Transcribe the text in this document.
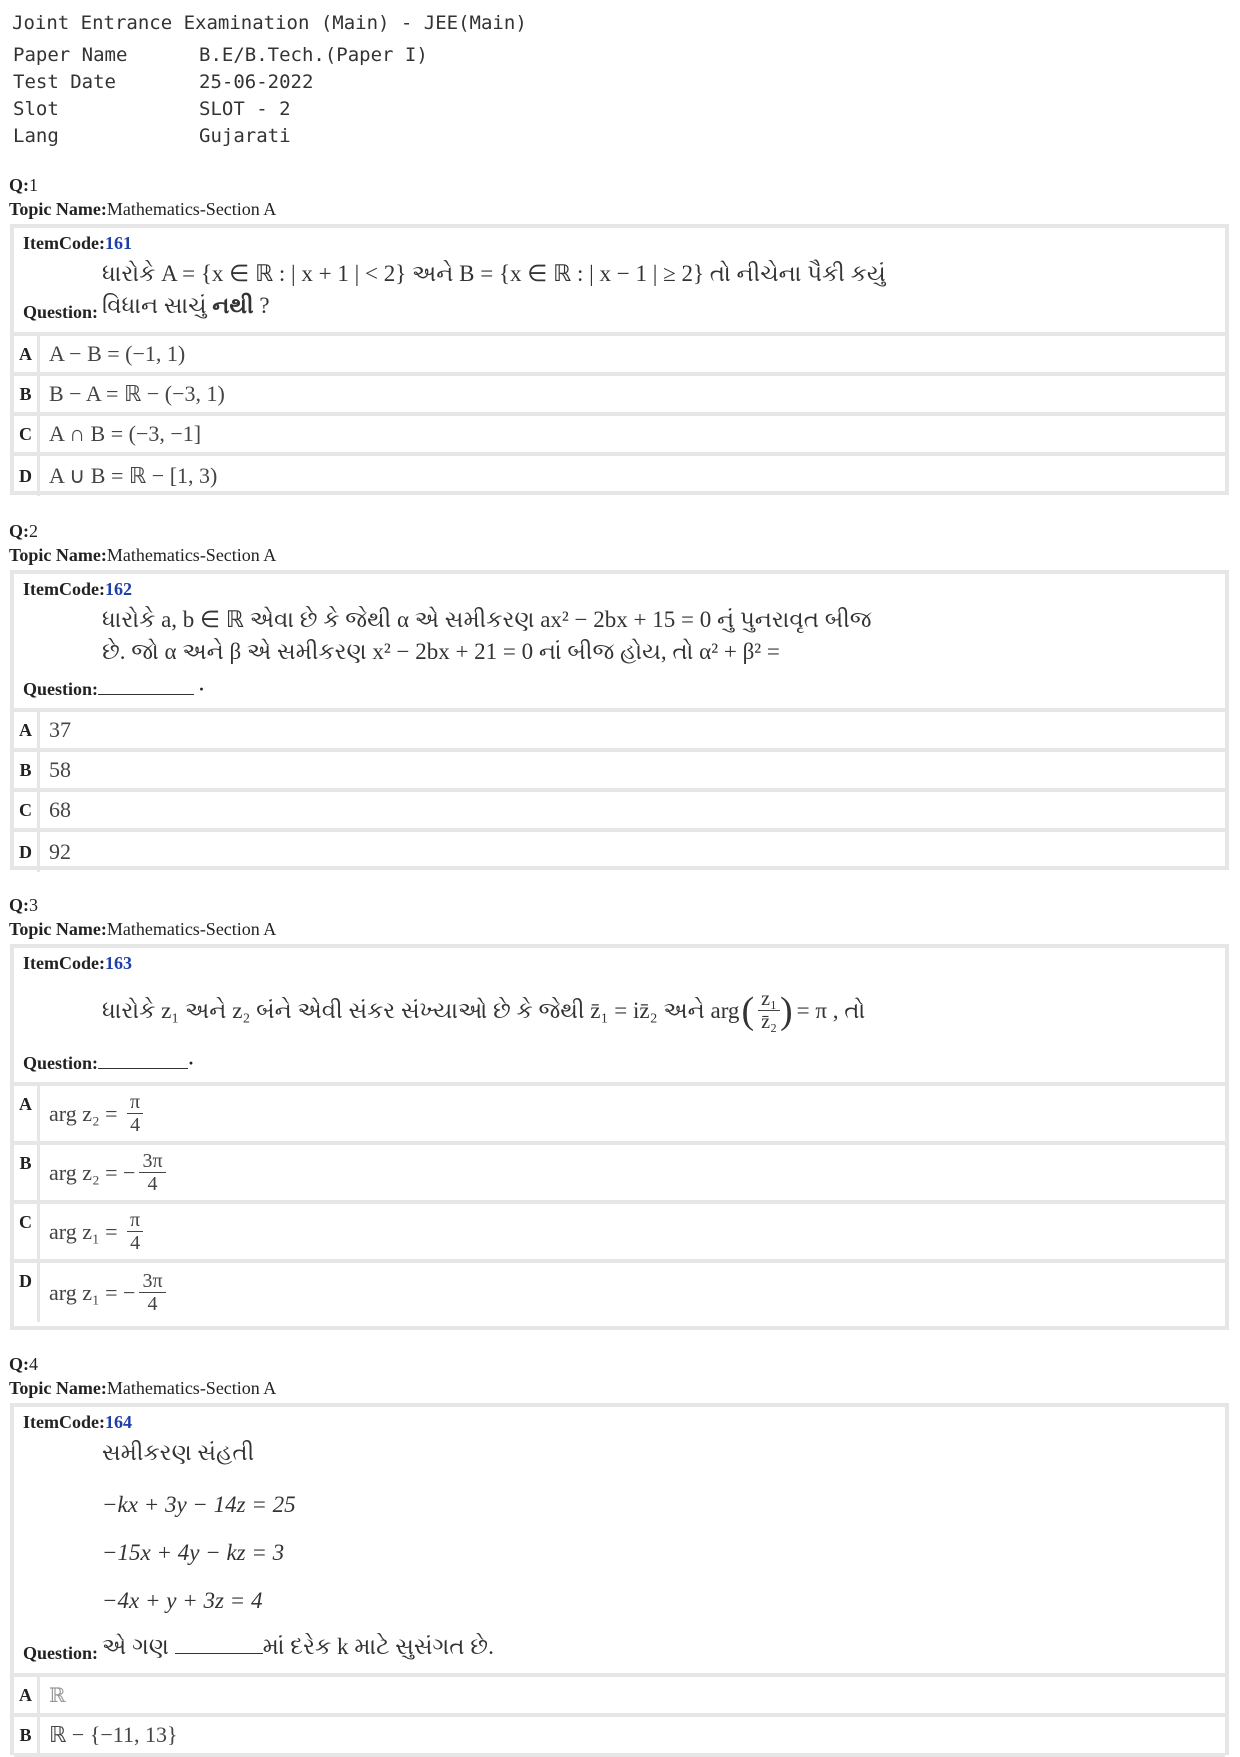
Joint Entrance Examination (Main) - JEE(Main)
Paper Name	B.E/B.Tech.(Paper I)
Test Date	25-06-2022
Slot	SLOT - 2
Lang	Gujarati
Q:1
Topic Name:Mathematics-Section A
ItemCode:161
ધારોકે A = {x ∈ ℝ : | x + 1 | < 2} અને B = {x ∈ ℝ : | x − 1 | ≥ 2} તો નીચેના પૈકી કયું
Question: વિધાન સાચું નથી ?
A A − B = (−1, 1)
B B − A = ℝ − (−3, 1)
C A ∩ B = (−3, −1]
D A ∪ B = ℝ − [1, 3)
Q:2
Topic Name:Mathematics-Section A
ItemCode:162
ધારોકે a, b ∈ ℝ એવા છે કે જેથી α એ સમીકરણ ax² − 2bx + 15 = 0 નું પુનરાવૃત બીજ
છે. જો α અને β એ સમીકરણ x² − 2bx + 21 = 0 નાં બીજ હોય, તો α² + β² =
Question:	·
A 37
B 58
C 68
D 92
Q:3
Topic Name:Mathematics-Section A
ItemCode:163
ધારોકે z₁ અને z₂ બંને એવી સંકર સંખ્યાઓ છે કે જેથી z̄₁ = iz̄₂ અને arg ( $\frac{\text{z₁}}{\text{z̄₂}}$ ) = π , તો
Question:	·
A arg z₂ =
$\frac{\pi}{4}$
B arg z₂ =
− $\frac{3\pi}{4}$
C arg z₁ =
$\frac{\pi}{4}$
D arg z₁ =
− $\frac{3\pi}{4}$
Q:4
Topic Name:Mathematics-Section A
ItemCode:164
સમીકરણ સંહતી
−kx + 3y − 14z = 25
−15x + 4y − kz = 3
−4x + y + 3z = 4
Question: એ ગણ	માં દરેક k માટે સુસંગત છે.
A ℝ
B ℝ − {−11, 13}
